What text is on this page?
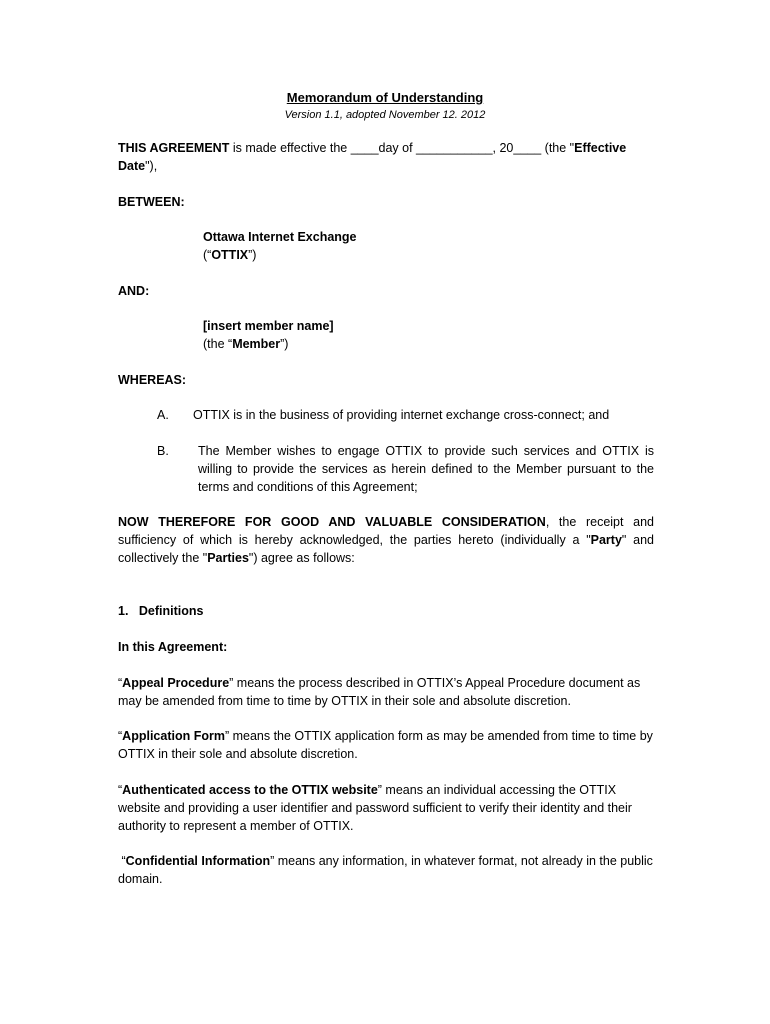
Memorandum of Understanding
Version 1.1, adopted November 12. 2012
THIS AGREEMENT is made effective the ____day of ___________, 20____ (the "Effective Date"),
BETWEEN:
Ottawa Internet Exchange
(“OTTIX”)
AND:
[insert member name]
(the “Member”)
WHEREAS:
A. OTTIX is in the business of providing internet exchange cross-connect; and
B. The Member wishes to engage OTTIX to provide such services and OTTIX is willing to provide the services as herein defined to the Member pursuant to the terms and conditions of this Agreement;
NOW THEREFORE FOR GOOD AND VALUABLE CONSIDERATION, the receipt and sufficiency of which is hereby acknowledged, the parties hereto (individually a "Party" and collectively the "Parties") agree as follows:
1.   Definitions
In this Agreement:
“Appeal Procedure” means the process described in OTTIX’s Appeal Procedure document as may be amended from time to time by OTTIX in their sole and absolute discretion.
“Application Form” means the OTTIX application form as may be amended from time to time by OTTIX in their sole and absolute discretion.
“Authenticated access to the OTTIX website” means an individual accessing the OTTIX website and providing a user identifier and password sufficient to verify their identity and their authority to represent a member of OTTIX.
“Confidential Information” means any information, in whatever format, not already in the public domain.
